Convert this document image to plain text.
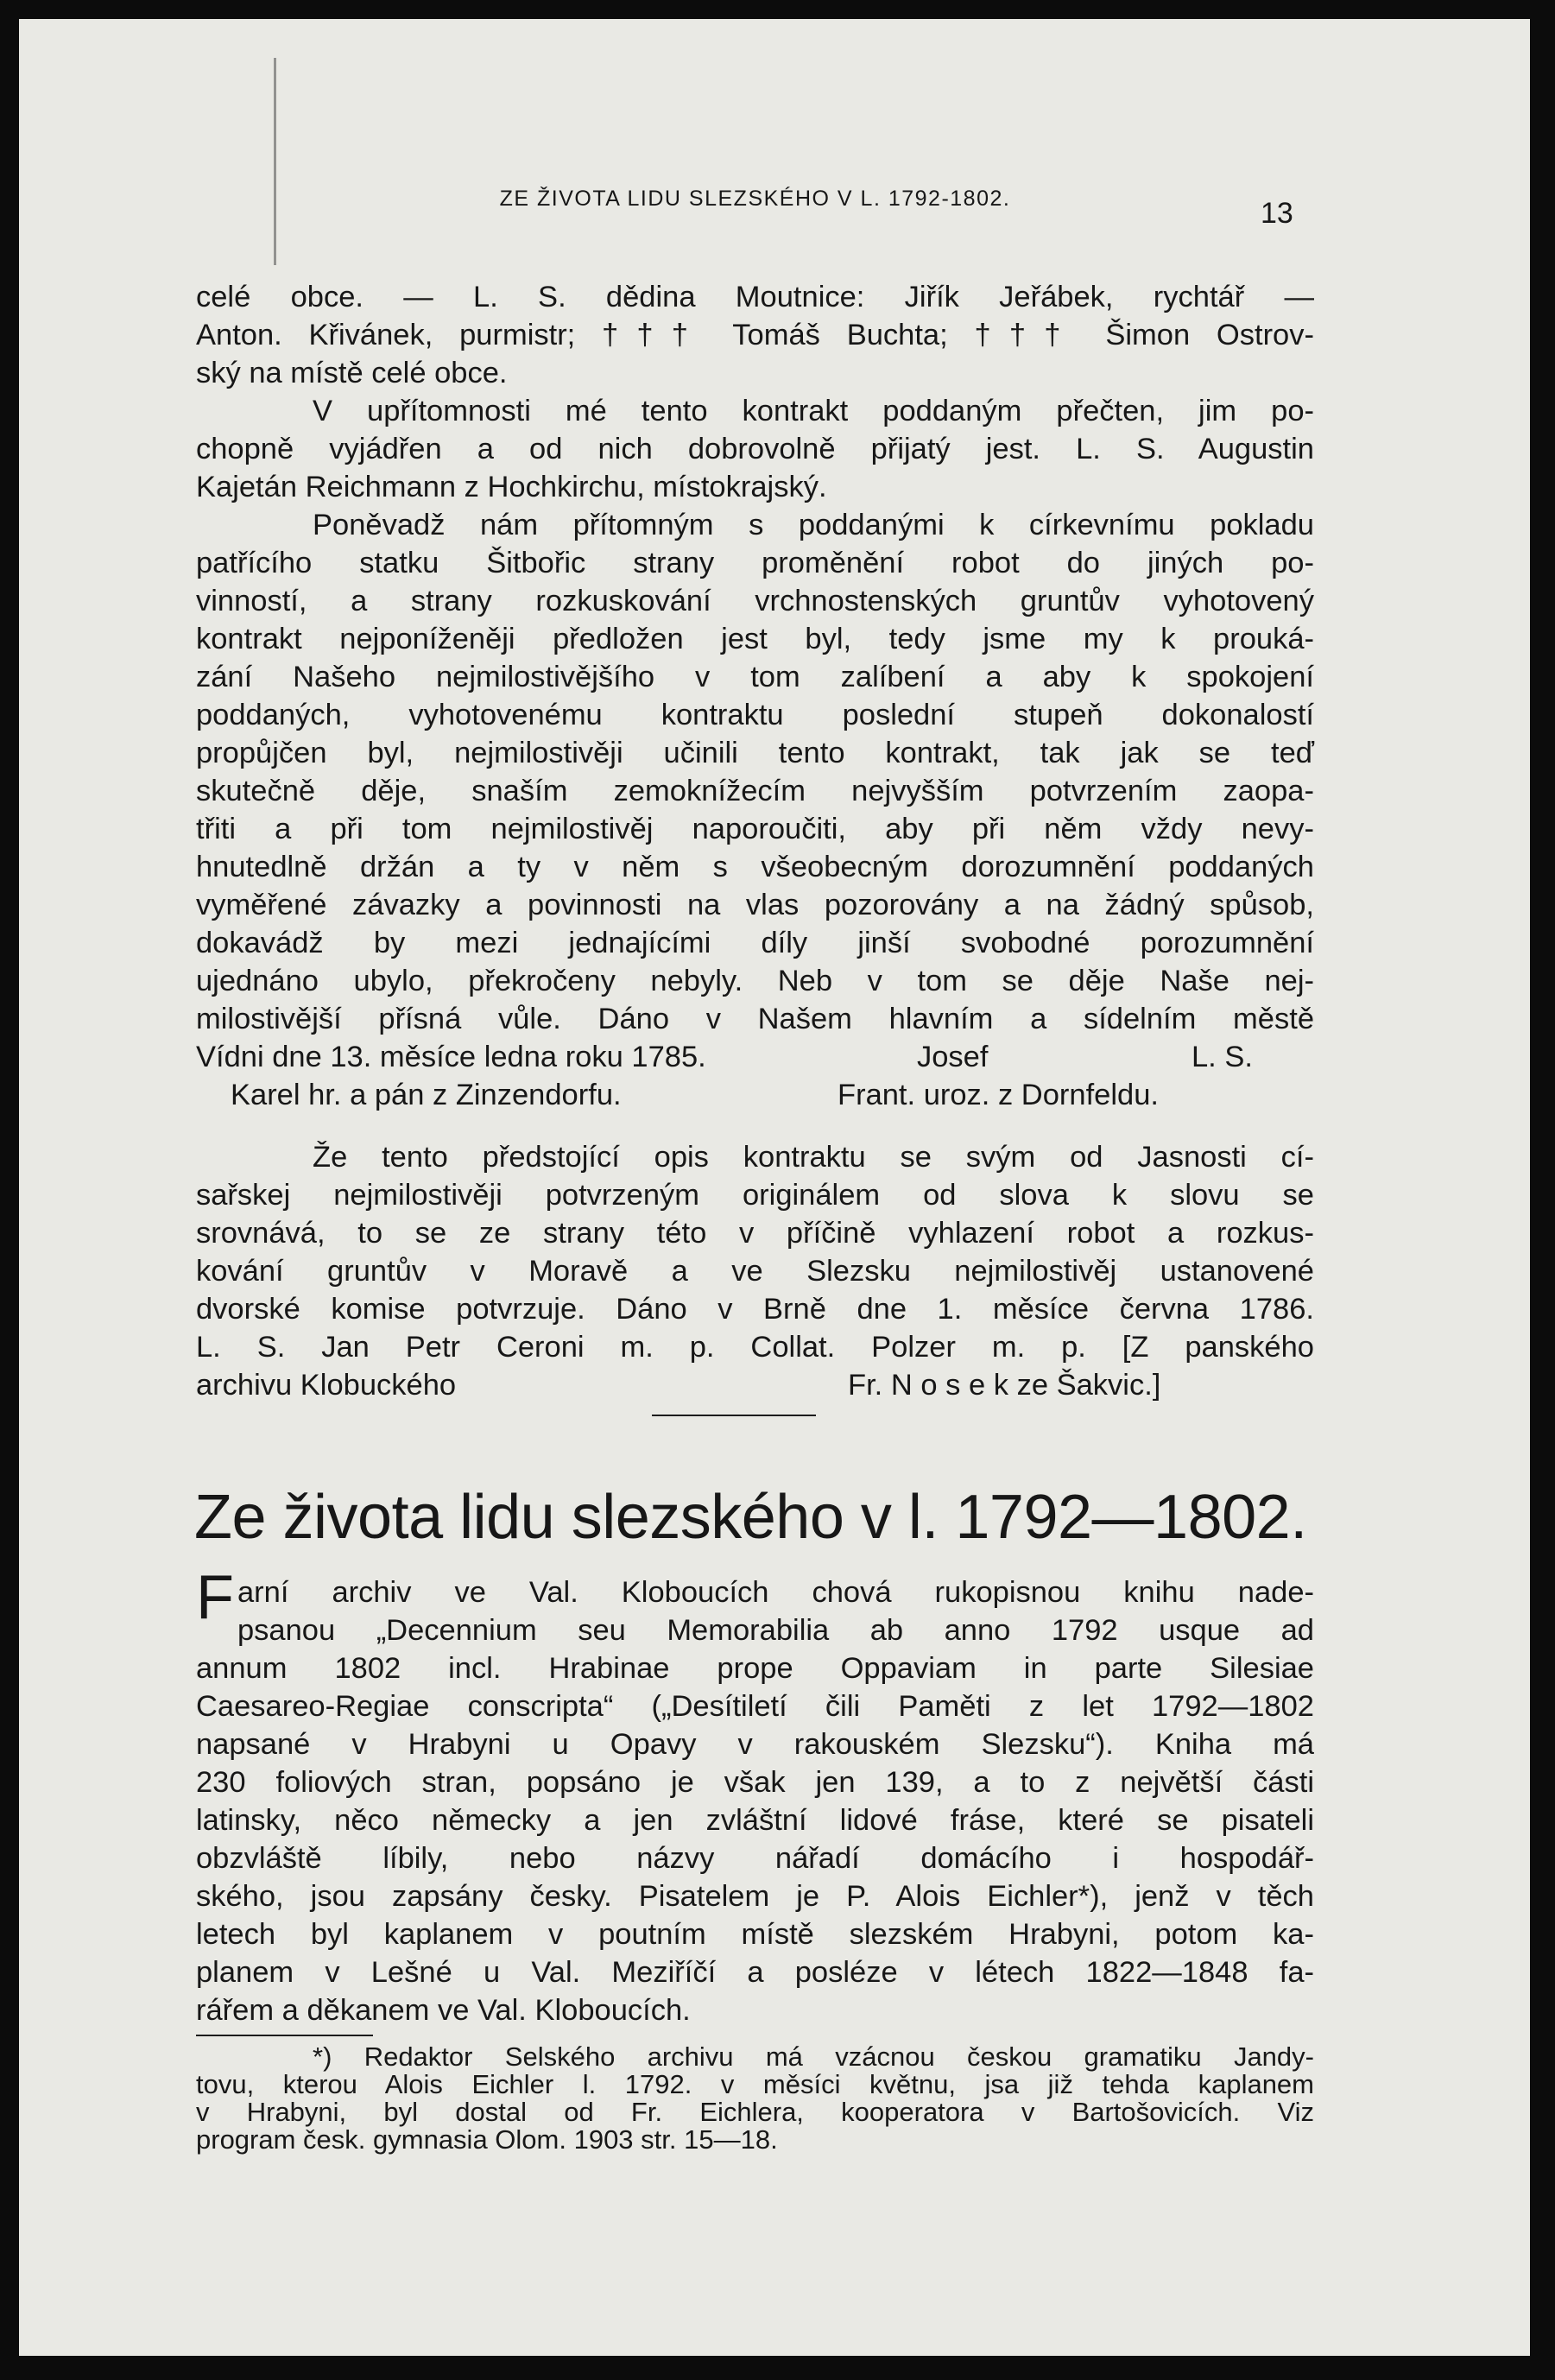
ZE ŽIVOTA LIDU SLEZSKÉHO V L. 1792-1802.	13
celé obce. — L. S. dědina Moutnice: Jiřík Jeřábek, rychtář —
Anton. Křivánek, purmistr; ††† Tomáš Buchta; ††† Šimon Ostrov-
ský na místě celé obce.
V upřítomnosti mé tento kontrakt poddaným přečten, jim po-
chopně vyjádřen a od nich dobrovolně přijatý jest. L. S. Augustin
Kajetán Reichmann z Hochkirchu, místokrajský.
Poněvadž nám přítomným s poddanými k církevnímu pokladu
patřícího statku Šitbořic strany proměnění robot do jiných po-
vinností, a strany rozkuskování vrchnostenských gruntův vyhotovený
kontrakt nejponíženěji předložen jest byl, tedy jsme my k prouká-
zání Našeho nejmilostivějšího v tom zalíbení a aby k spokojení
poddaných, vyhotovenému kontraktu poslední stupeň dokonalostí
propůjčen byl, nejmilostivěji učinili tento kontrakt, tak jak se teď
skutečně děje, snaším zemoknížecím nejvyšším potvrzením zaopa-
třiti a při tom nejmilostivěj naporoučiti, aby při něm vždy nevy-
hnutedlně držán a ty v něm s všeobecným dorozumnění poddaných
vyměřené závazky a povinnosti na vlas pozorovány a na žádný spůsob,
dokavádž by mezi jednajícími díly jinší svobodné porozumnění
ujednáno ubylo, překročeny nebyly. Neb v tom se děje Naše nej-
milostivější přísná vůle. Dáno v Našem hlavním a sídelním městě
Vídni dne 13. měsíce ledna roku 1785.	Josef	L. S.
Karel hr. a pán z Zinzendorfu.	Frant. uroz. z Dornfeldu.
Že tento předstojící opis kontraktu se svým od Jasnosti cí-
sařskej nejmilostivěji potvrzeným originálem od slova k slovu se
srovnává, to se ze strany této v příčině vyhlazení robot a rozkus-
kování gruntův v Moravě a ve Slezsku nejmilostivěj ustanovené
dvorské komise potvrzuje. Dáno v Brně dne 1. měsíce června 1786.
L. S. Jan Petr Ceroni m. p. Collat. Polzer m. p. [Z panského
archivu Klobuckého	Fr. N o s e k ze Šakvic.]
Ze života lidu slezského v l. 1792—1802.
F arní archiv ve Val. Kloboucích chová rukopisnou knihu nade-
psanou „Decennium seu Memorabilia ab anno 1792 usque ad
annum 1802 incl. Hrabinae prope Oppaviam in parte Silesiae
Caesareo-Regiae conscripta“ („Desítiletí čili Paměti z let 1792—1802
napsané v Hrabyni u Opavy v rakouském Slezsku“). Kniha má
230 foliových stran, popsáno je však jen 139, a to z největší části
latinsky, něco německy a jen zvláštní lidové fráse, které se pisateli
obzvláště líbily, nebo názvy nářadí domácího i hospodář-
ského, jsou zapsány česky. Pisatelem je P. Alois Eichler*), jenž v těch
letech byl kaplanem v poutním místě slezském Hrabyni, potom ka-
planem v Lešné u Val. Meziříčí a posléze v létech 1822—1848 fa-
rářem a děkanem ve Val. Kloboucích.
*) Redaktor Selského archivu má vzácnou českou gramatiku Jandy-
tovu, kterou Alois Eichler l. 1792. v měsíci květnu, jsa již tehda kaplanem
v Hrabyni, byl dostal od Fr. Eichlera, kooperatora v Bartošovicích. Viz
program česk. gymnasia Olom. 1903 str. 15—18.
